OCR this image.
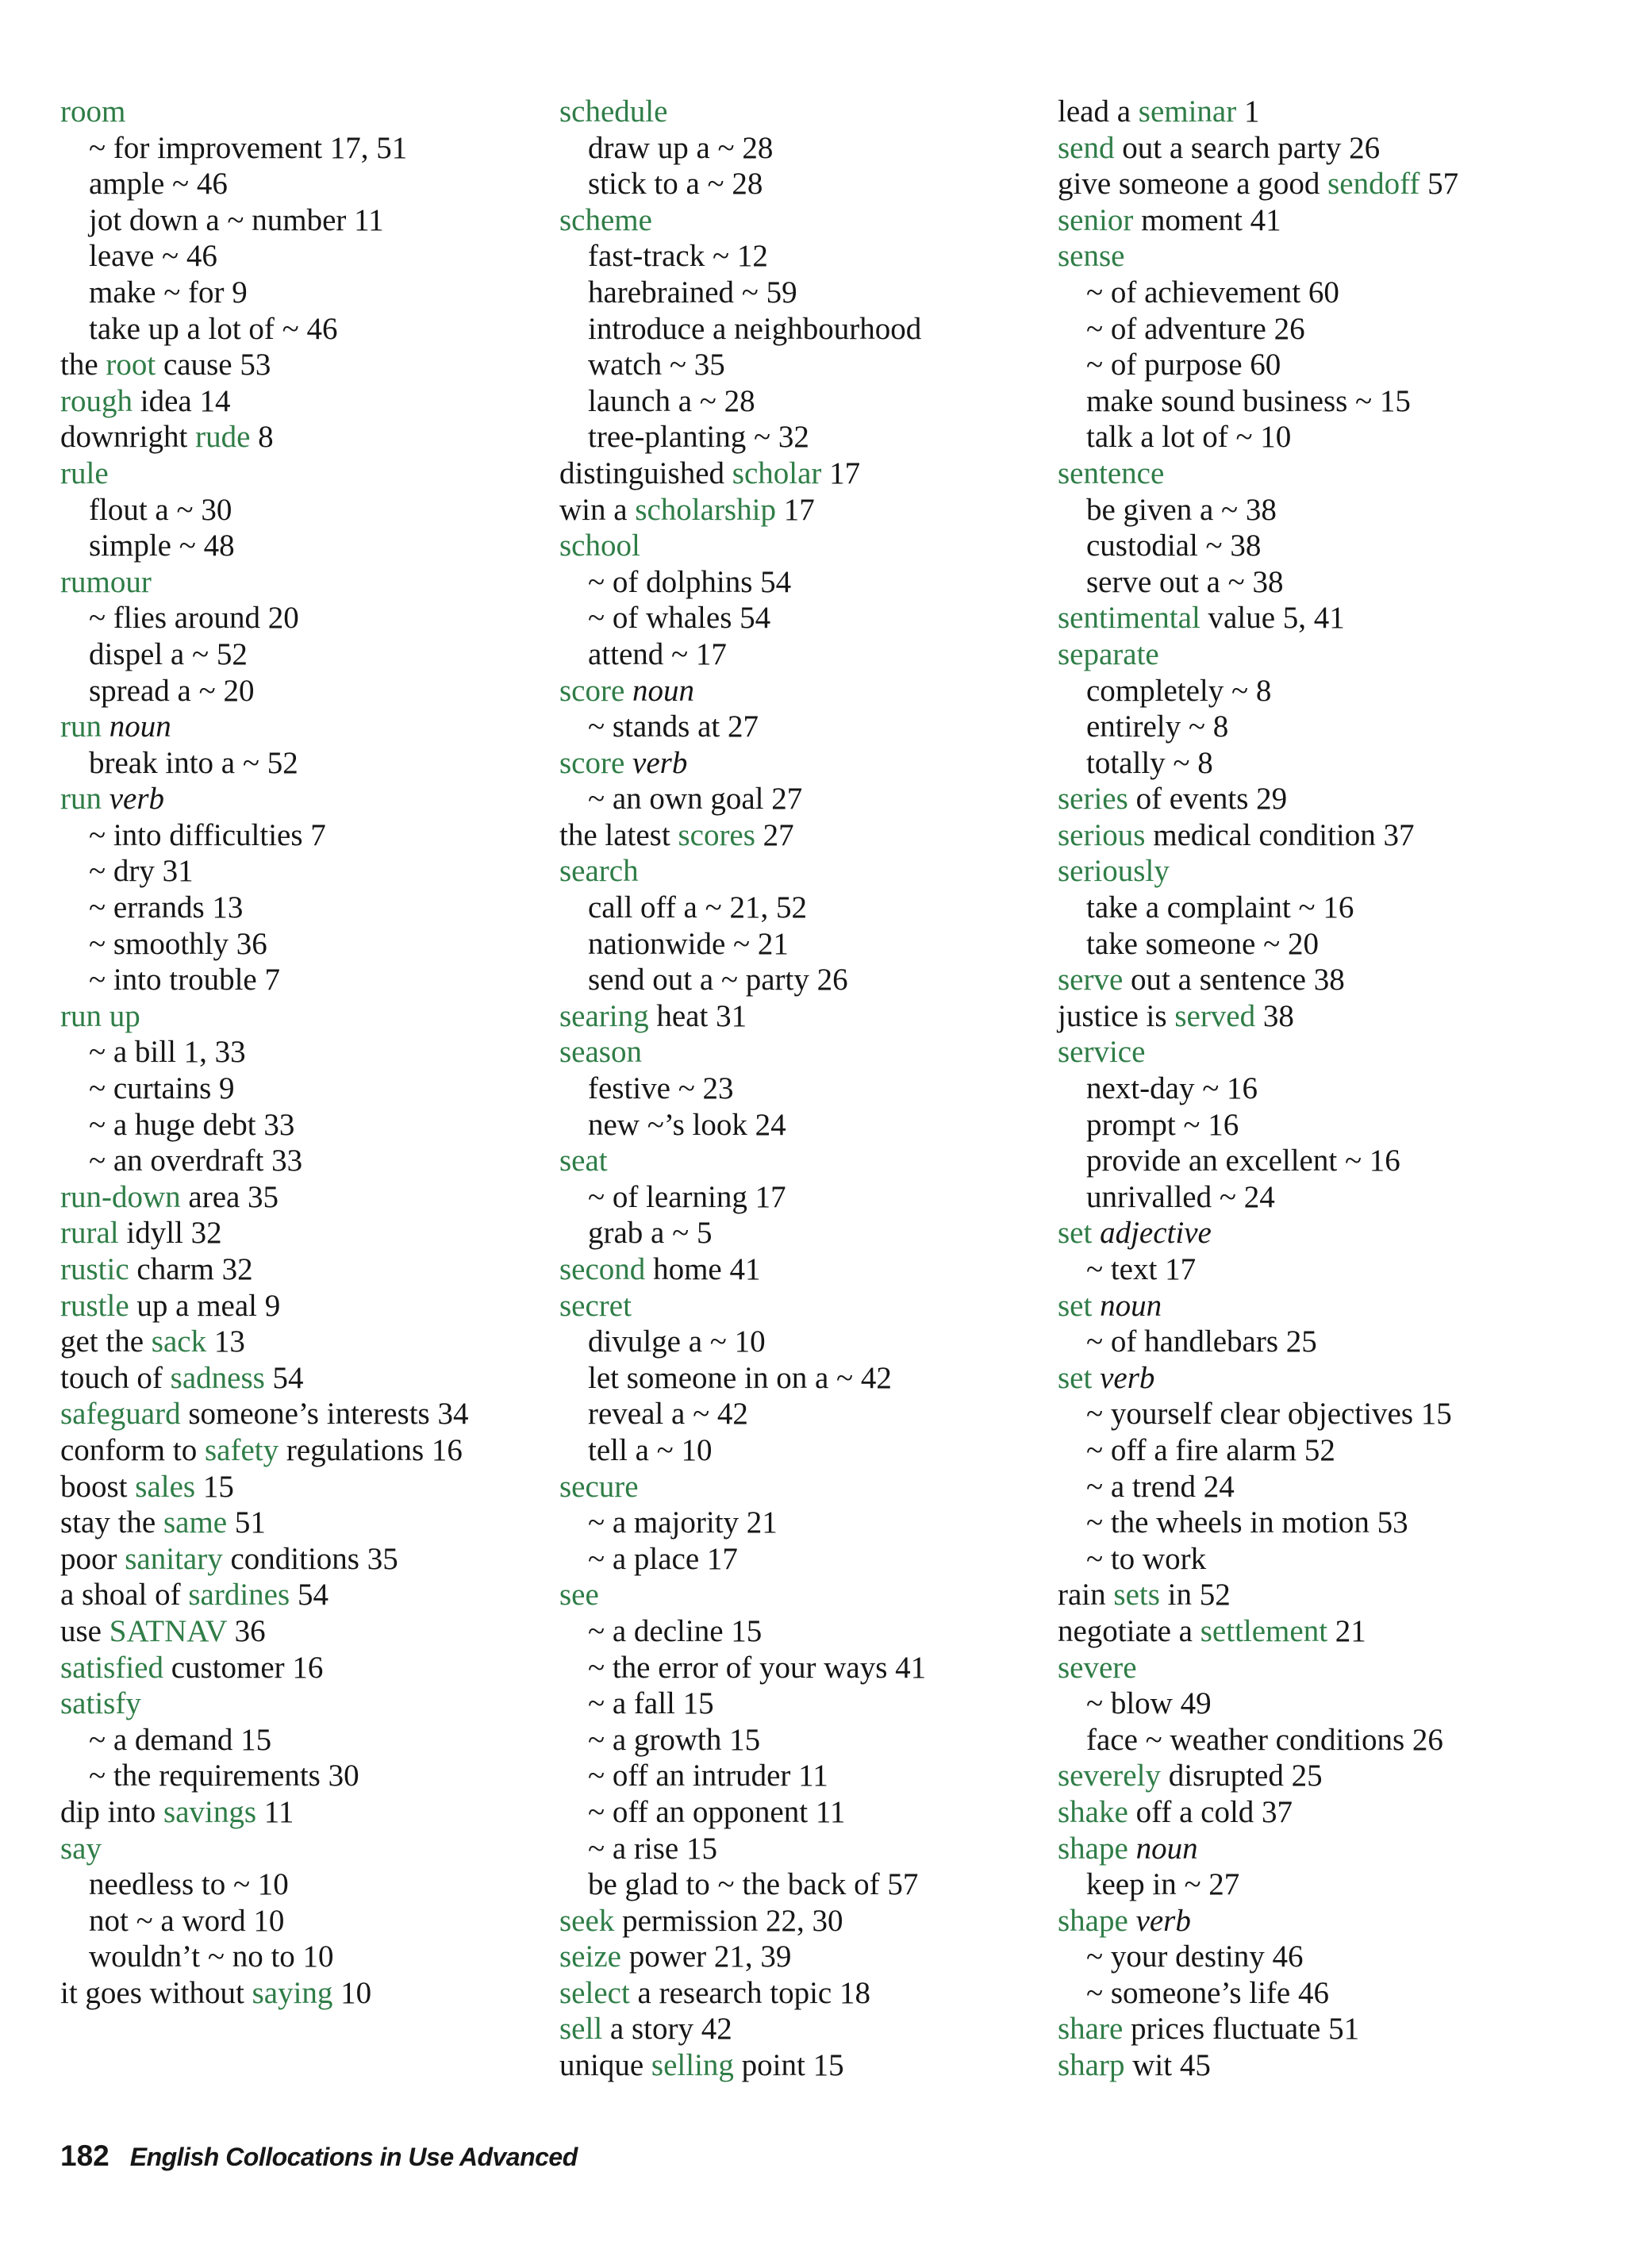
room
~ for improvement 17, 51
ample ~ 46
jot down a ~ number 11
leave ~ 46
make ~ for 9
take up a lot of ~ 46
the root cause 53
rough idea 14
downright rude 8
rule
flout a ~ 30
simple ~ 48
rumour
~ flies around 20
dispel a ~ 52
spread a ~ 20
run noun
break into a ~ 52
run verb
~ into difficulties 7
~ dry 31
~ errands 13
~ smoothly 36
~ into trouble 7
run up
~ a bill 1, 33
~ curtains 9
~ a huge debt 33
~ an overdraft 33
run-down area 35
rural idyll 32
rustic charm 32
rustle up a meal 9
get the sack 13
touch of sadness 54
safeguard someone’s interests 34
conform to safety regulations 16
boost sales 15
stay the same 51
poor sanitary conditions 35
a shoal of sardines 54
use SATNAV 36
satisfied customer 16
satisfy
~ a demand 15
~ the requirements 30
dip into savings 11
say
needless to ~ 10
not ~ a word 10
wouldn’t ~ no to 10
it goes without saying 10
schedule
draw up a ~ 28
stick to a ~ 28
scheme
fast-track ~ 12
harebrained ~ 59
introduce a neighbourhood
watch ~ 35
launch a ~ 28
tree-planting ~ 32
distinguished scholar 17
win a scholarship 17
school
~ of dolphins 54
~ of whales 54
attend ~ 17
score noun
~ stands at 27
score verb
~ an own goal 27
the latest scores 27
search
call off a ~ 21, 52
nationwide ~ 21
send out a ~ party 26
searing heat 31
season
festive ~ 23
new ~’s look 24
seat
~ of learning 17
grab a ~ 5
second home 41
secret
divulge a ~ 10
let someone in on a ~ 42
reveal a ~ 42
tell a ~ 10
secure
~ a majority 21
~ a place 17
see
~ a decline 15
~ the error of your ways 41
~ a fall 15
~ a growth 15
~ off an intruder 11
~ off an opponent 11
~ a rise 15
be glad to ~ the back of 57
seek permission 22, 30
seize power 21, 39
select a research topic 18
sell a story 42
unique selling point 15
lead a seminar 1
send out a search party 26
give someone a good sendoff 57
senior moment 41
sense
~ of achievement 60
~ of adventure 26
~ of purpose 60
make sound business ~ 15
talk a lot of ~ 10
sentence
be given a ~ 38
custodial ~ 38
serve out a ~ 38
sentimental value 5, 41
separate
completely ~ 8
entirely ~ 8
totally ~ 8
series of events 29
serious medical condition 37
seriously
take a complaint ~ 16
take someone ~ 20
serve out a sentence 38
justice is served 38
service
next-day ~ 16
prompt ~ 16
provide an excellent ~ 16
unrivalled ~ 24
set adjective
~ text 17
set noun
~ of handlebars 25
set verb
~ yourself clear objectives 15
~ off a fire alarm 52
~ a trend 24
~ the wheels in motion 53
~ to work
rain sets in 52
negotiate a settlement 21
severe
~ blow 49
face ~ weather conditions 26
severely disrupted 25
shake off a cold 37
shape noun
keep in ~ 27
shape verb
~ your destiny 46
~ someone’s life 46
share prices fluctuate 51
sharp wit 45
182 English Collocations in Use Advanced
